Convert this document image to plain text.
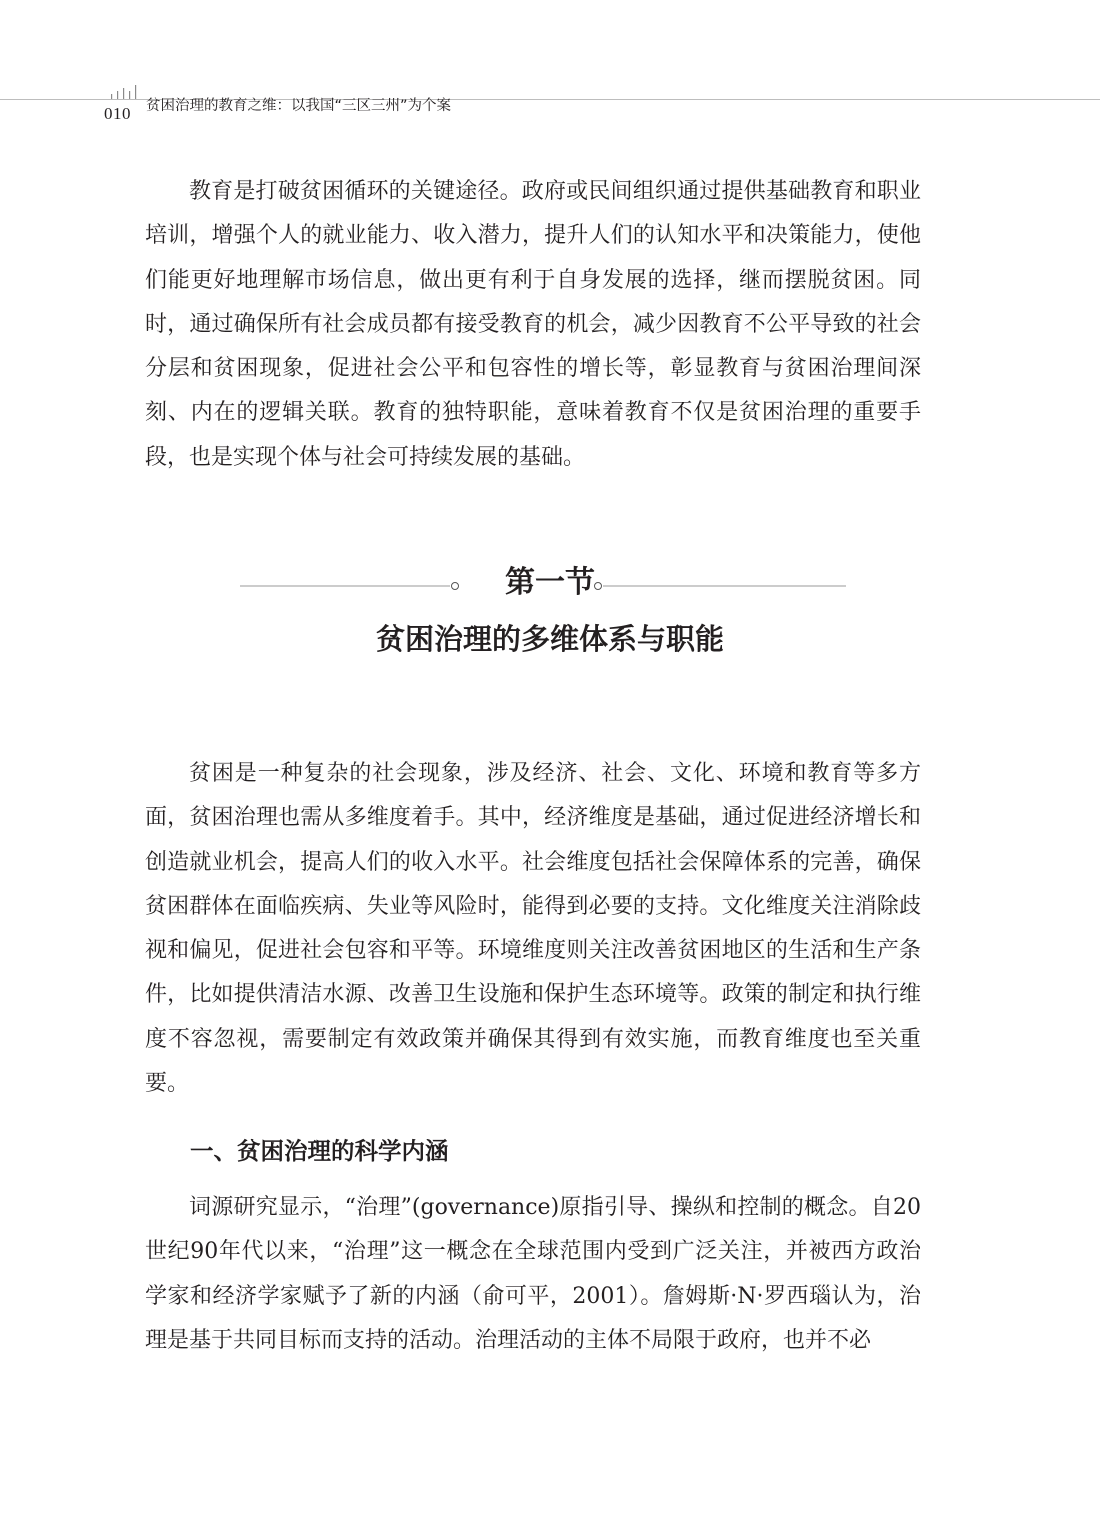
010 贫困治理的教育之维：以我国“三区三州”为个案

教育是打破贫困循环的关键途径。政府或民间组织通过提供基础教育和职业培训，增强个人的就业能力、收入潜力，提升人们的认知水平和决策能力，使他们能更好地理解市场信息，做出更有利于自身发展的选择，继而摆脱贫困。同时，通过确保所有社会成员都有接受教育的机会，减少因教育不公平导致的社会分层和贫困现象，促进社会公平和包容性的增长等，彰显教育与贫困治理间深刻、内在的逻辑关联。教育的独特职能，意味着教育不仅是贫困治理的重要手段，也是实现个体与社会可持续发展的基础。

第一节
贫困治理的多维体系与职能

贫困是一种复杂的社会现象，涉及经济、社会、文化、环境和教育等多方面，贫困治理也需从多维度着手。其中，经济维度是基础，通过促进经济增长和创造就业机会，提高人们的收入水平。社会维度包括社会保障体系的完善，确保贫困群体在面临疾病、失业等风险时，能得到必要的支持。文化维度关注消除歧视和偏见，促进社会包容和平等。环境维度则关注改善贫困地区的生活和生产条件，比如提供清洁水源、改善卫生设施和保护生态环境等。政策的制定和执行维度不容忽视，需要制定有效政策并确保其得到有效实施，而教育维度也至关重要。

一、贫困治理的科学内涵

词源研究显示，“治理”(governance)原指引导、操纵和控制的概念。自20世纪90年代以来，“治理”这一概念在全球范围内受到广泛关注，并被西方政治学家和经济学家赋予了新的内涵（俞可平，2001）。詹姆斯·N·罗西瑙认为，治理是基于共同目标而支持的活动。治理活动的主体不局限于政府，也并不必
